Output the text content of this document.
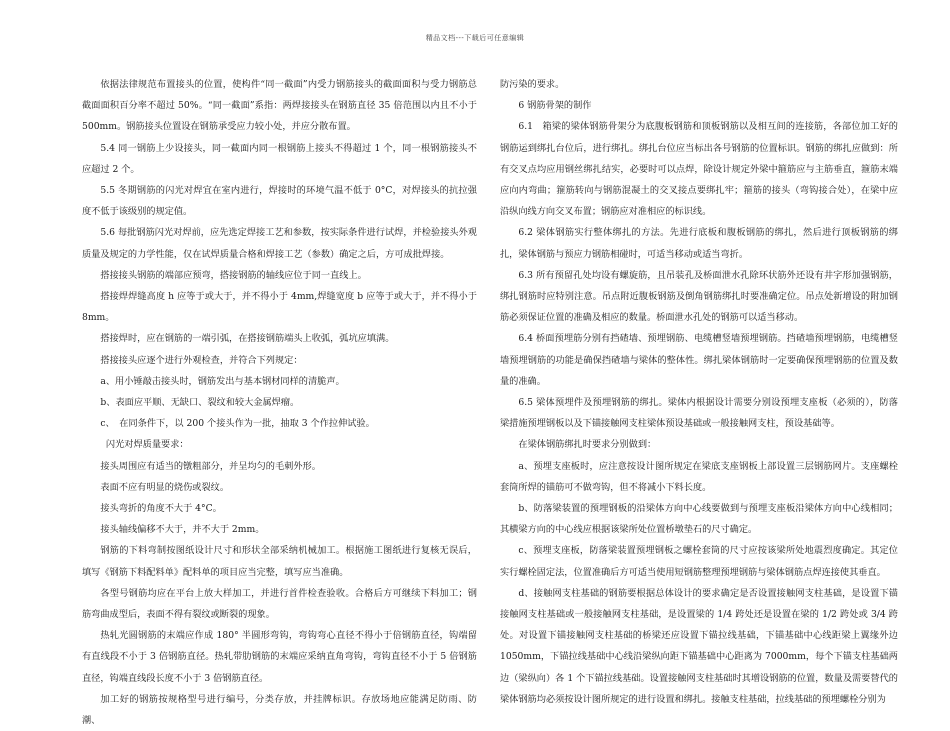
精品文档---下载后可任意编辑

依据法律规范布置接头的位置，使构件“同一截面”内受力钢筋接头的截面面积与受力钢筋总截面面积百分率不超过 50%。“同一截面”系指：两焊接接头在钢筋直径 35 倍范围以内且不小于 500mm。钢筋接头位置设在钢筋承受应力较小处，并应分散布置。

5.4 同一钢筋上少设接头，同一截面内同一根钢筋上接头不得超过 1 个，同一根钢筋接头不应超过 2 个。

5.5 冬期钢筋的闪光对焊宜在室内进行，焊接时的环境气温不低于 0°C，对焊接头的抗拉强度不低于该级别的规定值。

5.6 每批钢筋闪光对焊前，应先选定焊接工艺和参数，按实际条件进行试焊，并检验接头外观质量及规定的力学性能，仅在试焊质量合格和焊接工艺（参数）确定之后，方可成批焊接。

搭接接头钢筋的端部应预弯，搭接钢筋的轴线应位于同一直线上。

搭接焊焊缝高度 h 应等于或大于，并不得小于 4mm,焊缝宽度 b 应等于或大于，并不得小于 8mm。

搭接焊时，应在钢筋的一端引弧，在搭接钢筋端头上收弧，弧坑应填满。

搭接接头应逐个进行外观检查，并符合下列规定：

a、用小锤敲击接头时，钢筋发出与基本钢材同样的清脆声。

b、表面应平顺、无缺口、裂纹和较大金属焊瘤。

c、　在同条件下，以 200 个接头作为一批，抽取 3 个作拉伸试验。

闪光对焊质量要求：

接头周围应有适当的镦粗部分，并呈均匀的毛刺外形。

表面不应有明显的烧伤或裂纹。

接头弯折的角度不大于 4°C。

接头轴线偏移不大于，并不大于 2mm。

钢筋的下料弯制按图纸设计尺寸和形状全部采纳机械加工。根据施工图纸进行复核无误后，填写《钢筋下料配料单》配料单的项目应当完整，填写应当准确。

各型号钢筋均应在平台上放大样加工，并进行首件检查验收。合格后方可继续下料加工；钢筋弯曲成型后，表面不得有裂纹或断裂的现象。

热轧光圆钢筋的末端应作成 180° 半圆形弯钩，弯钩弯心直径不得小于倍钢筋直径，钩端留有直线段不小于 3 倍钢筋直径。热轧带肋钢筋的末端应采纳直角弯钩，弯钩直径不小于 5 倍钢筋直径，钩端直线段长度不小于 3 倍钢筋直径。

加工好的钢筋按规格型号进行编号，分类存放，并挂牌标识。存放场地应能满足防雨、防潮、

防污染的要求。

6 钢筋骨架的制作

6.1　箱梁的梁体钢筋骨架分为底腹板钢筋和顶板钢筋以及相互间的连接筋，各部位加工好的钢筋运到绑扎台位后，进行绑扎。绑扎台位应当标出各号钢筋的位置标识。钢筋的绑扎应做到：所有交叉点均应用钢丝绑扎结实，必要时可以点焊，除设计规定外梁中箍筋应与主筋垂直，箍筋末端应向内弯曲；箍筋转向与钢筋混凝土的交叉接点要绑扎牢；箍筋的接头（弯钩接合处），在梁中应沿纵向线方向交叉布置；钢筋应对准相应的标识线。

6.2 梁体钢筋实行整体绑扎的方法。先进行底板和腹板钢筋的绑扎，然后进行顶板钢筋的绑扎，梁体钢筋与预应力钢筋相碰时，可适当移动或适当弯折。

6.3 所有预留孔处均设有螺旋筋，且吊装孔及桥面泄水孔除环状筋外还设有井字形加强钢筋，绑扎钢筋时应特别注意。吊点附近腹板钢筋及倒角钢筋绑扎时要准确定位。吊点处新增设的附加钢筋必须保证位置的准确及相应的数量。桥面泄水孔处的钢筋可以适当移动。

6.4 桥面预埋筋分别有挡碴墙、预埋钢筋、电缆槽竖墙预埋钢筋。挡碴墙预埋钢筋，电缆槽竖墙预埋钢筋的功能是确保挡碴墙与梁体的整体性。绑扎梁体钢筋时一定要确保预埋钢筋的位置及数量的准确。

6.5 梁体预埋件及预埋钢筋的绑扎。梁体内根据设计需要分别设预埋支座板（必须的），防落梁措施预埋钢板以及下锚接触网支柱梁体预设基础或一般接触网支柱，预设基础等。

在梁体钢筋绑扎时要求分别做到：

a、预埋支座板时，应注意按设计图所规定在梁底支座钢板上部设置三层钢筋网片。支座螺栓套筒所焊的锚筋可不做弯钩，但不将减小下料长度。

b、防落梁装置的预埋钢板的沿梁体方向中心线要做到与预埋支座板沿梁体方向中心线相同；其横梁方向的中心线应根据该梁所处位置桥墩垫石的尺寸确定。

c、预埋支座板，防落梁装置预埋钢板之螺栓套筒的尺寸应按该梁所处地震烈度确定。其定位实行螺栓固定法，位置准确后方可适当使用短钢筋整理预埋钢筋与梁体钢筋点焊连接使其垂直。

d、接触网支柱基础的钢筋要根据总体设计的要求确定是否设置接触网支柱基础，是设置下锚接触网支柱基础或一般接触网支柱基础，是设置梁的 1/4 跨处还是设置在梁的 1/2 跨处或 3/4 跨处。对设置下锚接触网支柱基础的桥梁还应设置下锚拉线基础，下锚基础中心线距梁上翼缘外边 1050mm，下锚拉线基础中心线沿梁纵向距下锚基础中心距离为 7000mm，每个下锚支柱基础两边（梁纵向）各 1 个下锚拉线基础。设置接触网支柱基础时其增设钢筋的位置，数量及需要替代的梁体钢筋均必须按设计图所规定的进行设置和绑扎。接触支柱基础，拉线基础的预埋螺栓分别为
